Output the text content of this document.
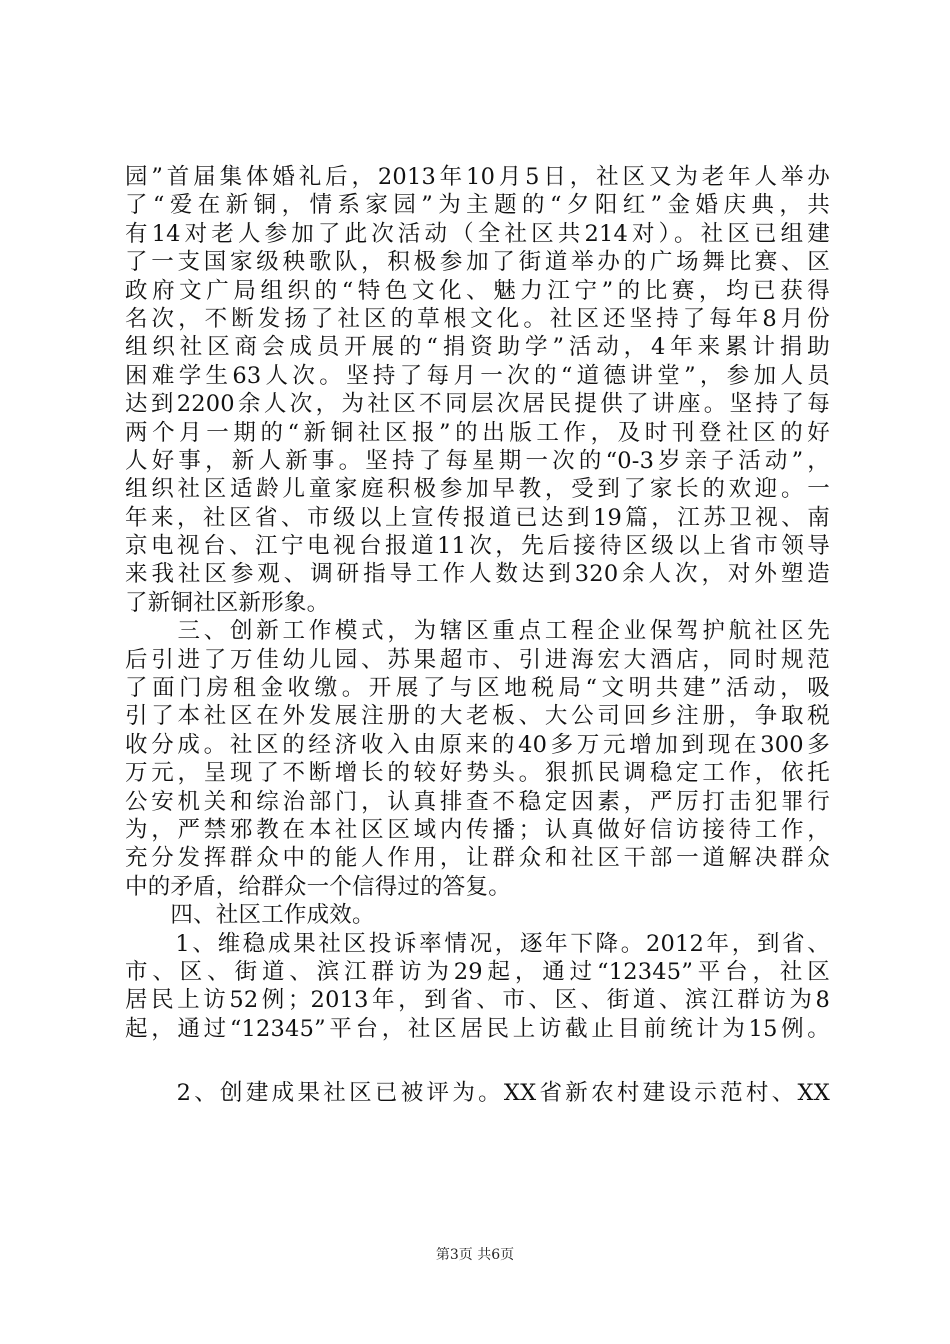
园”首届集体婚礼后，2013年10月5日，社区又为老年人举办
了“爱在新铜，情系家园”为主题的“夕阳红”金婚庆典，共
有14对老人参加了此次活动（全社区共214对）。社区已组建
了一支国家级秧歌队，积极参加了街道举办的广场舞比赛、区
政府文广局组织的“特色文化、魅力江宁”的比赛，均已获得
名次，不断发扬了社区的草根文化。社区还坚持了每年8月份
组织社区商会成员开展的“捐资助学”活动，4年来累计捐助
困难学生63人次。坚持了每月一次的“道德讲堂”，参加人员
达到2200余人次，为社区不同层次居民提供了讲座。坚持了每
两个月一期的“新铜社区报”的出版工作，及时刊登社区的好
人好事，新人新事。坚持了每星期一次的“0-3岁亲子活动”，
组织社区适龄儿童家庭积极参加早教，受到了家长的欢迎。一
年来，社区省、市级以上宣传报道已达到19篇，江苏卫视、南
京电视台、江宁电视台报道11次，先后接待区级以上省市领导
来我社区参观、调研指导工作人数达到320余人次，对外塑造
了新铜社区新形象。
　　三、创新工作模式，为辖区重点工程企业保驾护航社区先
后引进了万佳幼儿园、苏果超市、引进海宏大酒店，同时规范
了面门房租金收缴。开展了与区地税局“文明共建”活动，吸
引了本社区在外发展注册的大老板、大公司回乡注册，争取税
收分成。社区的经济收入由原来的40多万元增加到现在300多
万元，呈现了不断增长的较好势头。狠抓民调稳定工作，依托
公安机关和综治部门，认真排查不稳定因素，严厉打击犯罪行
为，严禁邪教在本社区区域内传播；认真做好信访接待工作，
充分发挥群众中的能人作用，让群众和社区干部一道解决群众
中的矛盾，给群众一个信得过的答复。
　　四、社区工作成效。
　　1、维稳成果社区投诉率情况，逐年下降。2012年，到省、
市、区、街道、滨江群访为29起，通过“12345”平台，社区
居民上访52例；2013年，到省、市、区、街道、滨江群访为8
起，通过“12345”平台，社区居民上访截止目前统计为15例。
　　2、创建成果社区已被评为。XX省新农村建设示范村、XX
第3页 共6页
